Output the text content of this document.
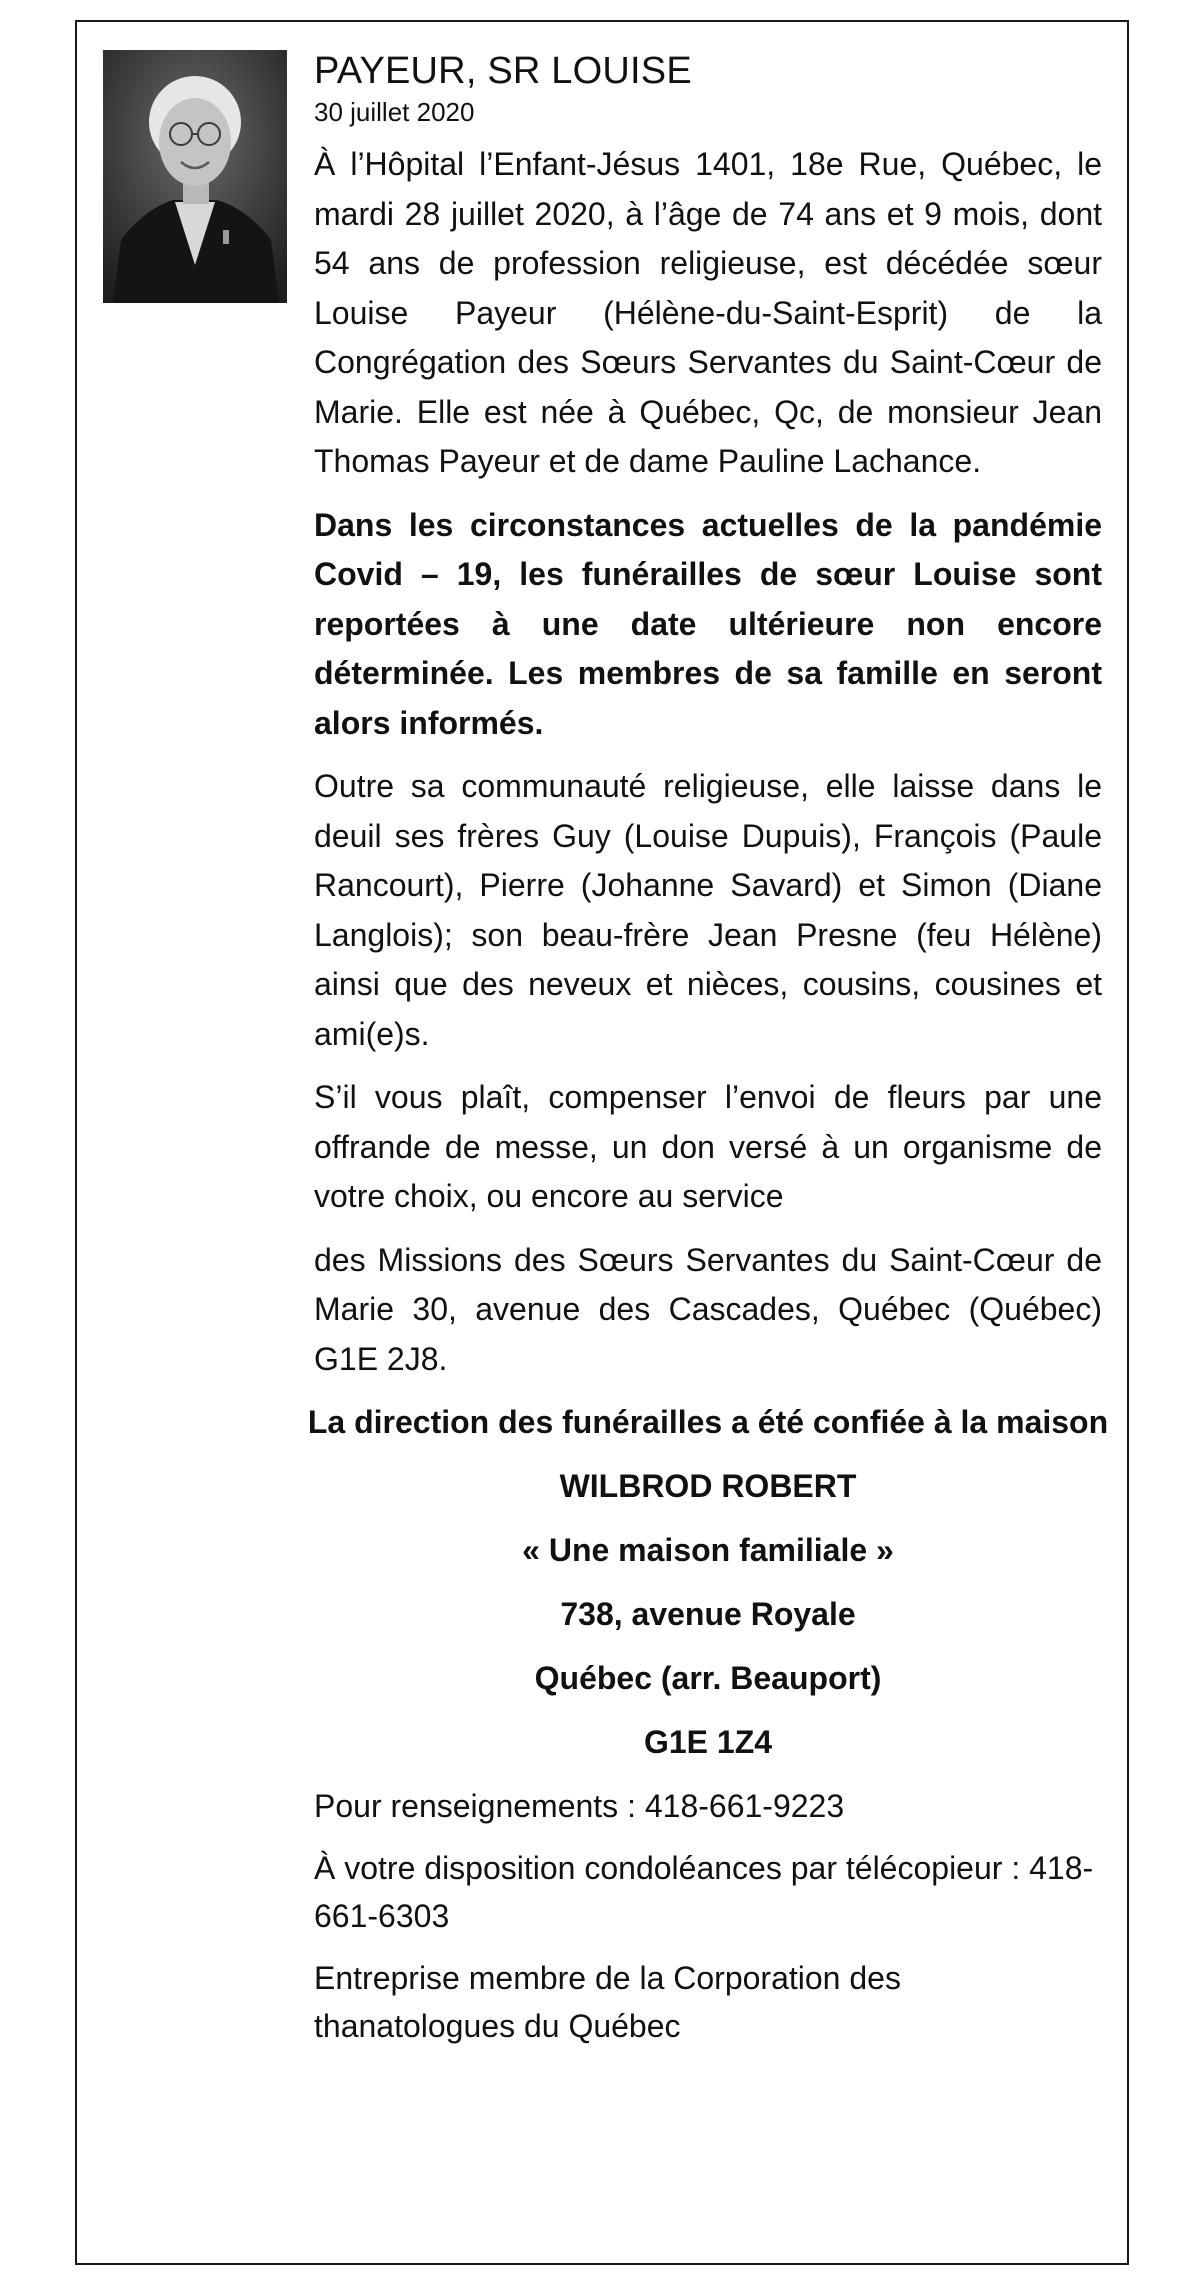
PAYEUR, SR LOUISE
30 juillet 2020

À l’Hôpital l’Enfant-Jésus 1401, 18e Rue, Québec, le mardi 28 juillet 2020, à l’âge de 74 ans et 9 mois, dont 54 ans de profession religieuse, est décédée sœur Louise Payeur (Hélène-du-Saint-Esprit) de la Congrégation des Sœurs Servantes du Saint-Cœur de Marie. Elle est née à Québec, Qc, de monsieur Jean Thomas Payeur et de dame Pauline Lachance.

Dans les circonstances actuelles de la pandémie Covid – 19, les funérailles de sœur Louise sont reportées à une date ultérieure non encore déterminée. Les membres de sa famille en seront alors informés.

Outre sa communauté religieuse, elle laisse dans le deuil ses frères Guy (Louise Dupuis), François (Paule Rancourt), Pierre (Johanne Savard) et Simon (Diane Langlois); son beau-frère Jean Presne (feu Hélène) ainsi que des neveux et nièces, cousins, cousines et ami(e)s.

S’il vous plaît, compenser l’envoi de fleurs par une offrande de messe, un don versé à un organisme de votre choix, ou encore au service

des Missions des Sœurs Servantes du Saint-Cœur de Marie 30, avenue des Cascades, Québec (Québec) G1E 2J8.

La direction des funérailles a été confiée à la maison
WILBROD ROBERT
« Une maison familiale »
738, avenue Royale
Québec (arr. Beauport)
G1E 1Z4

Pour renseignements : 418-661-9223

À votre disposition condoléances par télécopieur : 418-661-6303

Entreprise membre de la Corporation des thanatologues du Québec
